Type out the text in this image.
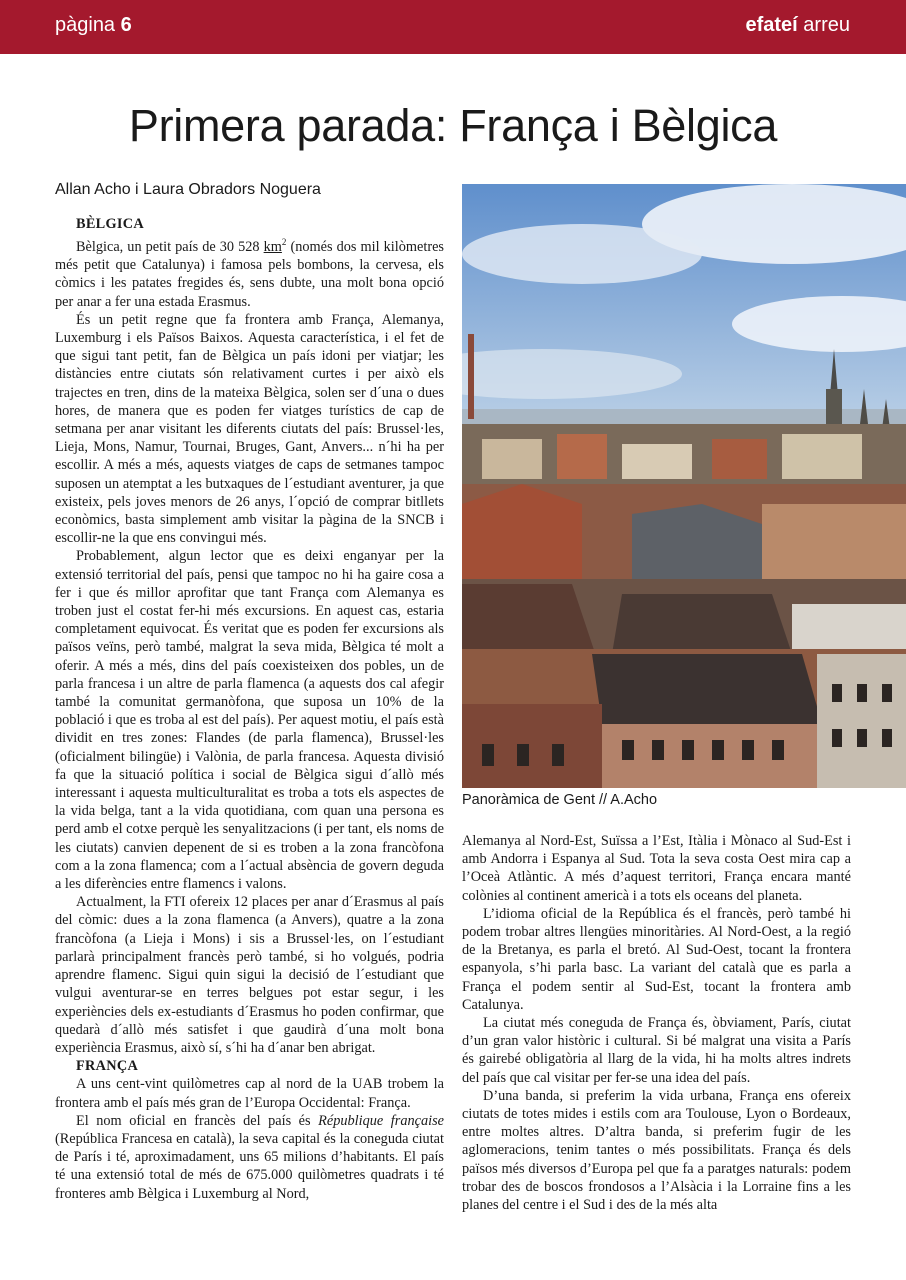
pàgina 6	efateí arreu
Primera parada: França i Bèlgica
Allan Acho i Laura Obradors Noguera
BÈLGICA

Bèlgica, un petit país de 30 528 $km^2$ (només dos mil kilòmetres més petit que Catalunya) i famosa pels bombons, la cervesa, els còmics i les patates fregides és, sens dubte, una molt bona opció per anar a fer una estada Erasmus.

És un petit regne que fa frontera amb França, Alemanya, Luxemburg i els Països Baixos. Aquesta característica, i el fet de que sigui tant petit, fan de Bèlgica un país idoni per viatjar; les distàncies entre ciutats són relativament curtes i per això els trajectes en tren, dins de la mateixa Bèlgica, solen ser d´una o dues hores, de manera que es poden fer viatges turístics de cap de setmana per anar visitant les diferents ciutats del país: Brussel·les, Lieja, Mons, Namur, Tournai, Bruges, Gant, Anvers... n´hi ha per escollir. A més a més, aquests viatges de caps de setmanes tampoc suposen un atemptat a les butxaques de l´estudiant aventurer, ja que existeix, pels joves menors de 26 anys, l´opció de comprar bitllets econòmics, basta simplement amb visitar la pàgina de la SNCB i escollir-ne la que ens convingui més.

Probablement, algun lector que es deixi enganyar per la extensió territorial del país, pensi que tampoc no hi ha gaire cosa a fer i que és millor aprofitar que tant França com Alemanya es troben just el costat fer-hi més excursions. En aquest cas, estaria completament equivocat. És veritat que es poden fer excursions als països veïns, però també, malgrat la seva mida, Bèlgica té molt a oferir. A més a més, dins del país coexisteixen dos pobles, un de parla francesa i un altre de parla flamenca (a aquests dos cal afegir també la comunitat germanòfona, que suposa un 10% de la població i que es troba al est del país). Per aquest motiu, el país està dividit en tres zones: Flandes (de parla flamenca), Brussel·les (oficialment bilingüe) i Valònia, de parla francesa. Aquesta divisió fa que la situació política i social de Bèlgica sigui d´allò més interessant i aquesta multiculturalitat es troba a tots els aspectes de la vida belga, tant a la vida quotidiana, com quan una persona es perd amb el cotxe perquè les senyalitzacions (i per tant, els noms de les ciutats) canvien depenent de si es troben a la zona francòfona com a la zona flamenca; com a l´actual absència de govern deguda a les diferències entre flamencs i valons.

Actualment, la FTI ofereix 12 places per anar d´Erasmus al país del còmic: dues a la zona flamenca (a Anvers), quatre a la zona francòfona (a Lieja i Mons) i sis a Brussel·les, on l´estudiant parlarà principalment francès però també, si ho volgués, podria aprendre flamenc. Sigui quin sigui la decisió de l´estudiant que vulgui aventurar-se en terres belgues pot estar segur, i les experiències dels ex-estudiants d´Erasmus ho poden confirmar, que quedarà d´allò més satisfet i que gaudirà d´una molt bona experiència Erasmus, això sí, s´hi ha d´anar ben abrigat.

FRANÇA

A uns cent-vint quilòmetres cap al nord de la UAB trobem la frontera amb el país més gran de l’Europa Occidental: França.

El nom oficial en francès del país és République française (República Francesa en català), la seva capital és la coneguda ciutat de París i té, aproximadament, uns 65 milions d’habitants. El país té una extensió total de més de 675.000 quilòmetres quadrats i té fronteres amb Bèlgica i Luxemburg al Nord,

Panoràmica de Gent // A.Acho

Alemanya al Nord-Est, Suïssa a l’Est, Itàlia i Mònaco al Sud-Est i amb Andorra i Espanya al Sud. Tota la seva costa Oest mira cap a l’Oceà Atlàntic. A més d’aquest territori, França encara manté colònies al continent americà i a tots els oceans del planeta.

L’idioma oficial de la República és el francès, però també hi podem trobar altres llengües minoritàries. Al Nord-Oest, a la regió de la Bretanya, es parla el bretó. Al Sud-Oest, tocant la frontera espanyola, s’hi parla basc. La variant del català que es parla a França el podem sentir al Sud-Est, tocant la frontera amb Catalunya.

La ciutat més coneguda de França és, òbviament, París, ciutat d’un gran valor històric i cultural. Si bé malgrat una visita a París és gairebé obligatòria al llarg de la vida, hi ha molts altres indrets del país que cal visitar per fer-se una idea del país.

D’una banda, si preferim la vida urbana, França ens ofereix ciutats de totes mides i estils com ara Toulouse, Lyon o Bordeaux, entre moltes altres. D’altra banda, si preferim fugir de les aglomeracions, tenim tantes o més possibilitats. França és dels països més diversos d’Europa pel que fa a paratges naturals: podem trobar des de boscos frondosos a l’Alsàcia i la Lorraine fins a les planes del centre i el Sud i des de la més alta
